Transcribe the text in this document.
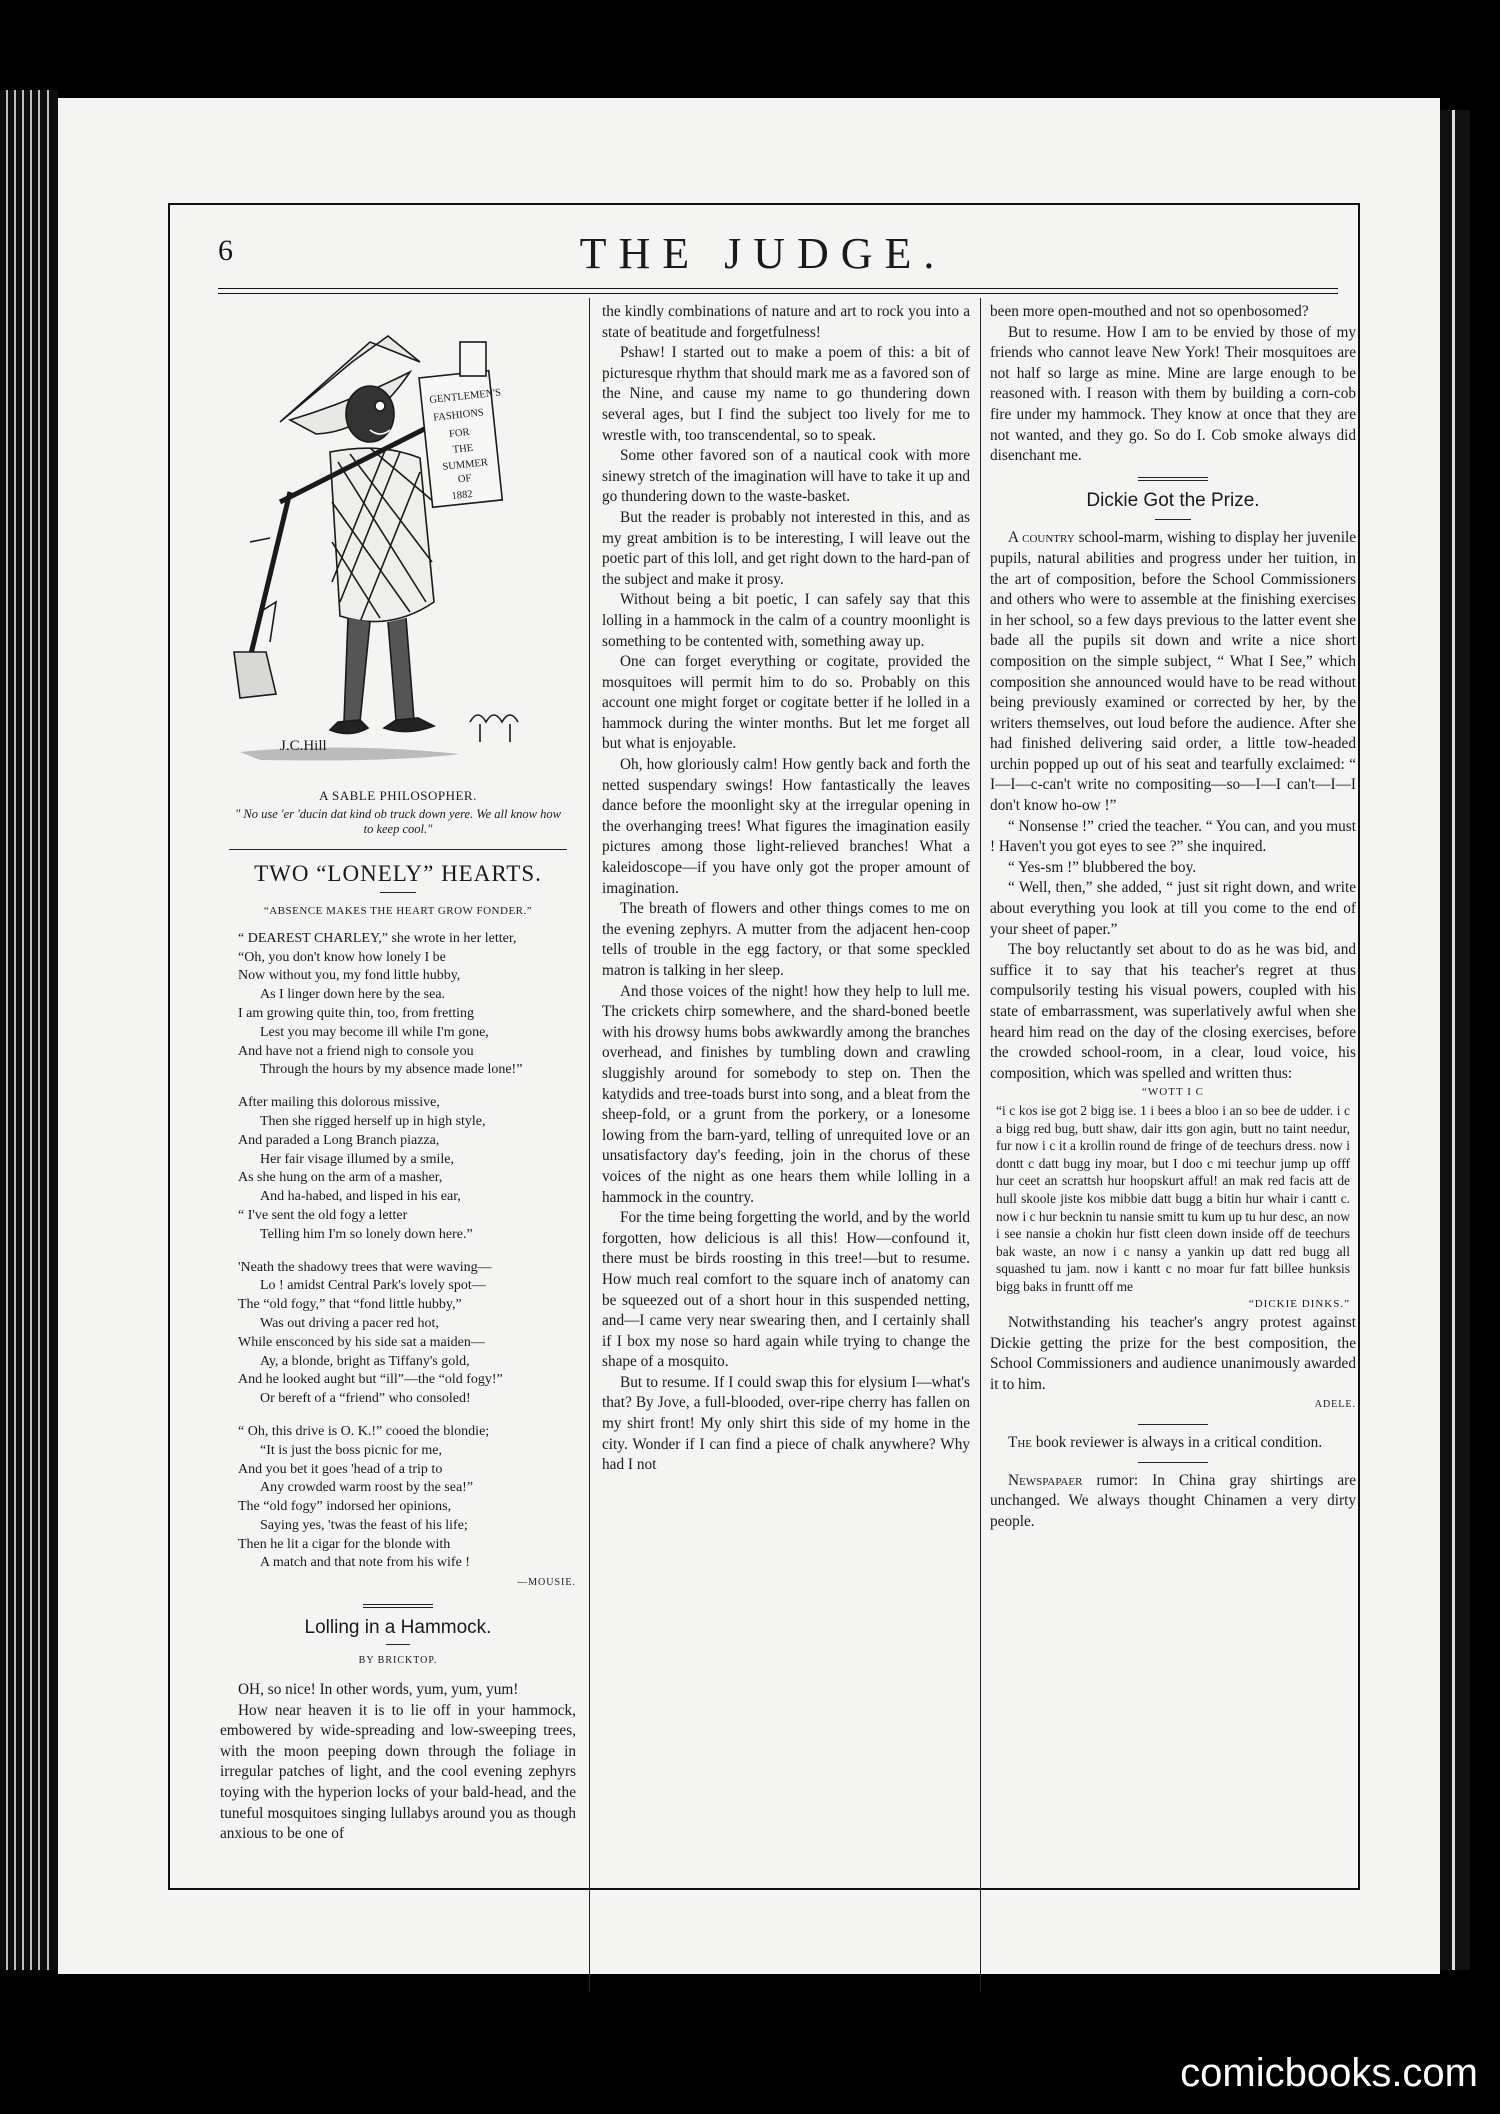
6	THE JUDGE.
GENTLEMEN'S
FASHIONS
FOR
THE
SUMMER
OF
1882
J.C.Hill
A SABLE PHILOSOPHER.
" No use 'er 'ducin dat kind ob truck down yere. We all know how to keep cool."
TWO “LONELY” HEARTS.
“ABSENCE MAKES THE HEART GROW FONDER.”
“ DEAREST CHARLEY,” she wrote in her letter,
“Oh, you don't know how lonely I be
Now without you, my fond little hubby,
As I linger down here by the sea.
I am growing quite thin, too, from fretting
Lest you may become ill while I'm gone,
And have not a friend nigh to console you
Through the hours by my absence made lone!”
After mailing this dolorous missive,
Then she rigged herself up in high style,
And paraded a Long Branch piazza,
Her fair visage illumed by a smile,
As she hung on the arm of a masher,
And ha-habed, and lisped in his ear,
“ I've sent the old fogy a letter
Telling him I'm so lonely down here.”
'Neath the shadowy trees that were waving—
Lo ! amidst Central Park's lovely spot—
The “old fogy,” that “fond little hubby,”
Was out driving a pacer red hot,
While ensconced by his side sat a maiden—
Ay, a blonde, bright as Tiffany's gold,
And he looked aught but “ill”—the “old fogy!”
Or bereft of a “friend” who consoled!
“ Oh, this drive is O. K.!” cooed the blondie;
“It is just the boss picnic for me,
And you bet it goes 'head of a trip to
Any crowded warm roost by the sea!”
The “old fogy” indorsed her opinions,
Saying yes, 'twas the feast of his life;
Then he lit a cigar for the blonde with
A match and that note from his wife !
—MOUSIE.
Lolling in a Hammock.
BY BRICKTOP.

OH, so nice! In other words, yum, yum, yum!

How near heaven it is to lie off in your hammock, embowered by wide-spreading and low-sweeping trees, with the moon peeping down through the foliage in irregular patches of light, and the cool evening zephyrs toying with the hyperion locks of your bald-head, and the tuneful mosquitoes singing lullabys around you as though anxious to be one of

the kindly combinations of nature and art to rock you into a state of beatitude and forgetfulness!

Pshaw! I started out to make a poem of this: a bit of picturesque rhythm that should mark me as a favored son of the Nine, and cause my name to go thundering down several ages, but I find the subject too lively for me to wrestle with, too transcendental, so to speak.

Some other favored son of a nautical cook with more sinewy stretch of the imagination will have to take it up and go thundering down to the waste-basket.

But the reader is probably not interested in this, and as my great ambition is to be interesting, I will leave out the poetic part of this loll, and get right down to the hard-pan of the subject and make it prosy.

Without being a bit poetic, I can safely say that this lolling in a hammock in the calm of a country moonlight is something to be contented with, something away up.

One can forget everything or cogitate, provided the mosquitoes will permit him to do so. Probably on this account one might forget or cogitate better if he lolled in a hammock during the winter months. But let me forget all but what is enjoyable.

Oh, how gloriously calm! How gently back and forth the netted suspendary swings! How fantastically the leaves dance before the moonlight sky at the irregular opening in the overhanging trees! What figures the imagination easily pictures among those light-relieved branches! What a kaleidoscope—if you have only got the proper amount of imagination.

The breath of flowers and other things comes to me on the evening zephyrs. A mutter from the adjacent hen-coop tells of trouble in the egg factory, or that some speckled matron is talking in her sleep.

And those voices of the night! how they help to lull me. The crickets chirp somewhere, and the shard-boned beetle with his drowsy hums bobs awkwardly among the branches overhead, and finishes by tumbling down and crawling sluggishly around for somebody to step on. Then the katydids and tree-toads burst into song, and a bleat from the sheep-fold, or a grunt from the porkery, or a lonesome lowing from the barn-yard, telling of unrequited love or an unsatisfactory day's feeding, join in the chorus of these voices of the night as one hears them while lolling in a hammock in the country.

For the time being forgetting the world, and by the world forgotten, how delicious is all this! How—confound it, there must be birds roosting in this tree!—but to resume. How much real comfort to the square inch of anatomy can be squeezed out of a short hour in this suspended netting, and—I came very near swearing then, and I certainly shall if I box my nose so hard again while trying to change the shape of a mosquito.

But to resume. If I could swap this for elysium I—what's that? By Jove, a full-blooded, over-ripe cherry has fallen on my shirt front! My only shirt this side of my home in the city. Wonder if I can find a piece of chalk anywhere? Why had I not

been more open-mouthed and not so openbosomed?

But to resume. How I am to be envied by those of my friends who cannot leave New York! Their mosquitoes are not half so large as mine. Mine are large enough to be reasoned with. I reason with them by building a corn-cob fire under my hammock. They know at once that they are not wanted, and they go. So do I. Cob smoke always did disenchant me.

Dickie Got the Prize.

A country school-marm, wishing to display her juvenile pupils, natural abilities and progress under her tuition, in the art of composition, before the School Commissioners and others who were to assemble at the finishing exercises in her school, so a few days previous to the latter event she bade all the pupils sit down and write a nice short composition on the simple subject, “ What I See,” which composition she announced would have to be read without being previously examined or corrected by her, by the writers themselves, out loud before the audience. After she had finished delivering said order, a little tow-headed urchin popped up out of his seat and tearfully exclaimed: “ I—I—c-can't write no compositing—so—I—I can't—I—I don't know ho-ow !”

“ Nonsense !” cried the teacher. “ You can, and you must ! Haven't you got eyes to see ?” she inquired.

“ Yes-sm !” blubbered the boy.

“ Well, then,” she added, “ just sit right down, and write about everything you look at till you come to the end of your sheet of paper.”

The boy reluctantly set about to do as he was bid, and suffice it to say that his teacher's regret at thus compulsorily testing his visual powers, coupled with his state of embarrassment, was superlatively awful when she heard him read on the day of the closing exercises, before the crowded school-room, in a clear, loud voice, his composition, which was spelled and written thus:

“WOTT I C
“i c kos ise got 2 bigg ise. 1 i bees a bloo i an so bee de udder. i c a bigg red bug, butt shaw, dair itts gon agin, butt no taint needur, fur now i c it a krollin round de fringe of de teechurs dress. now i dontt c datt bugg iny moar, but I doo c mi teechur jump up offf hur ceet an scrattsh hur hoopskurt afful! an mak red facis att de hull skoole jiste kos mibbie datt bugg a bitin hur whair i cantt c. now i c hur becknin tu nansie smitt tu kum up tu hur desc, an now i see nansie a chokin hur fistt cleen down inside off de teechurs bak waste, an now i c nansy a yankin up datt red bugg all squashed tu jam. now i kantt c no moar fur fatt billee hunksis bigg baks in fruntt off me
“DICKIE DINKS.”

Notwithstanding his teacher's angry protest against Dickie getting the prize for the best composition, the School Commissioners and audience unanimously awarded it to him.

ADELE.

The book reviewer is always in a critical condition.

Newspapaer rumor: In China gray shirtings are unchanged. We always thought Chinamen a very dirty people.

comicbooks.com
